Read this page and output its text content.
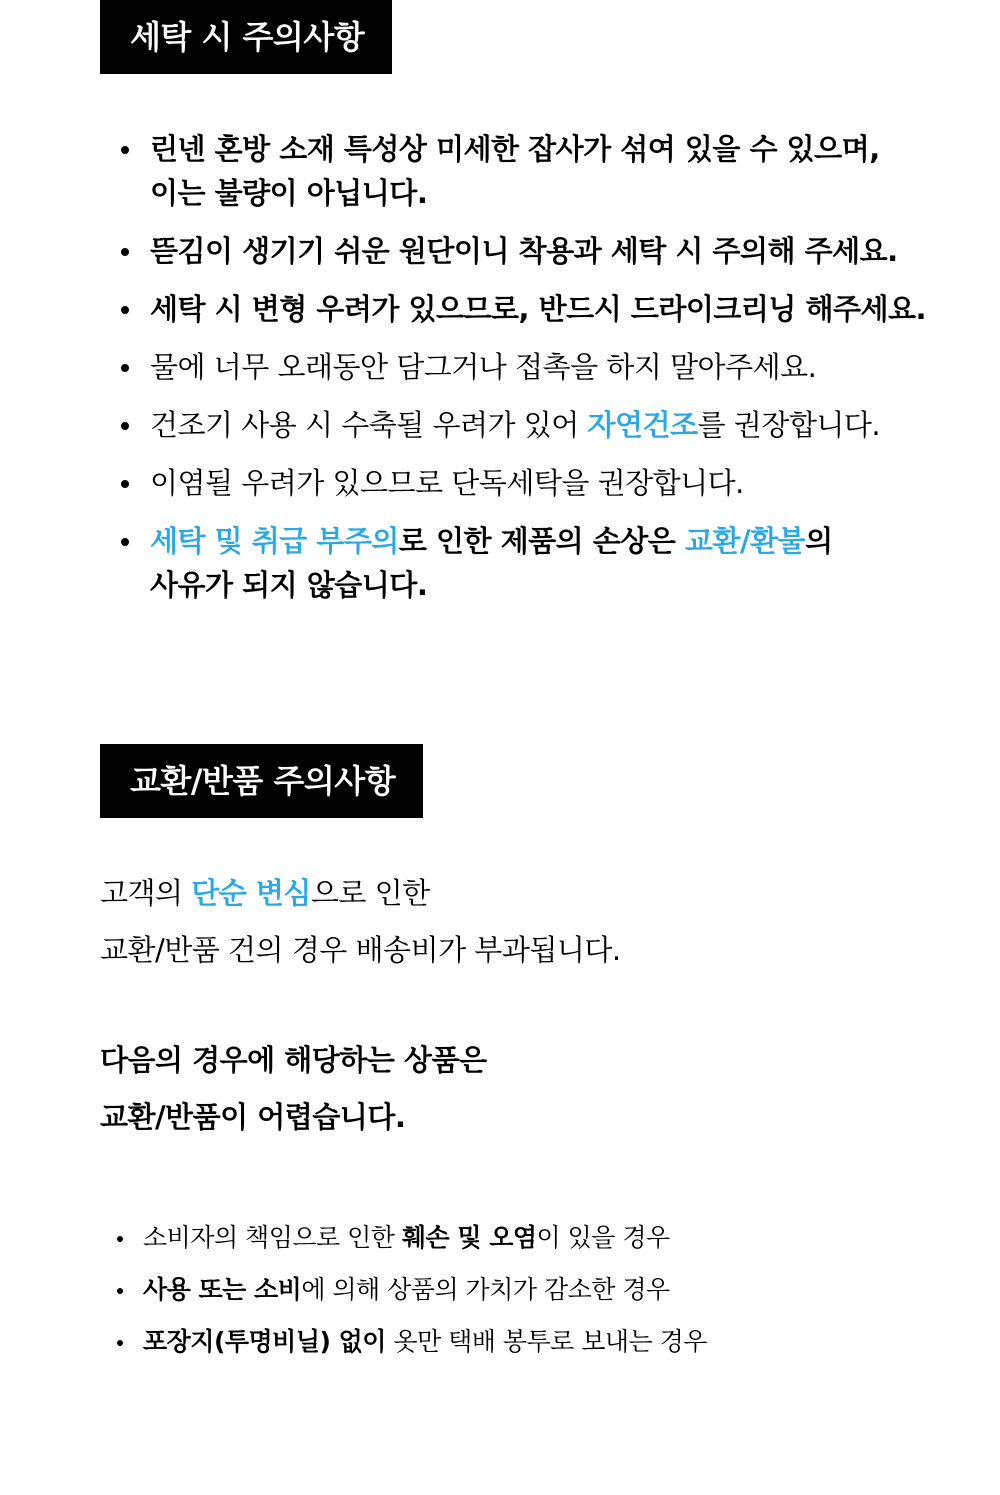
세탁 시 주의사항
린넨 혼방 소재 특성상 미세한 잡사가 섞여 있을 수 있으며,
이는 불량이 아닙니다.
뜯김이 생기기 쉬운 원단이니 착용과 세탁 시 주의해 주세요.
세탁 시 변형 우려가 있으므로, 반드시 드라이크리닝 해주세요.
물에 너무 오래동안 담그거나 접촉을 하지 말아주세요.
건조기 사용 시 수축될 우려가 있어 자연건조를 권장합니다.
이염될 우려가 있으므로 단독세탁을 권장합니다.
세탁 및 취급 부주의로 인한 제품의 손상은 교환/환불의
사유가 되지 않습니다.
교환/반품 주의사항
고객의 단순 변심으로 인한
교환/반품 건의 경우 배송비가 부과됩니다.
다음의 경우에 해당하는 상품은
교환/반품이 어렵습니다.
소비자의 책임으로 인한 훼손 및 오염이 있을 경우
사용 또는 소비에 의해 상품의 가치가 감소한 경우
포장지(투명비닐) 없이 옷만 택배 봉투로 보내는 경우
